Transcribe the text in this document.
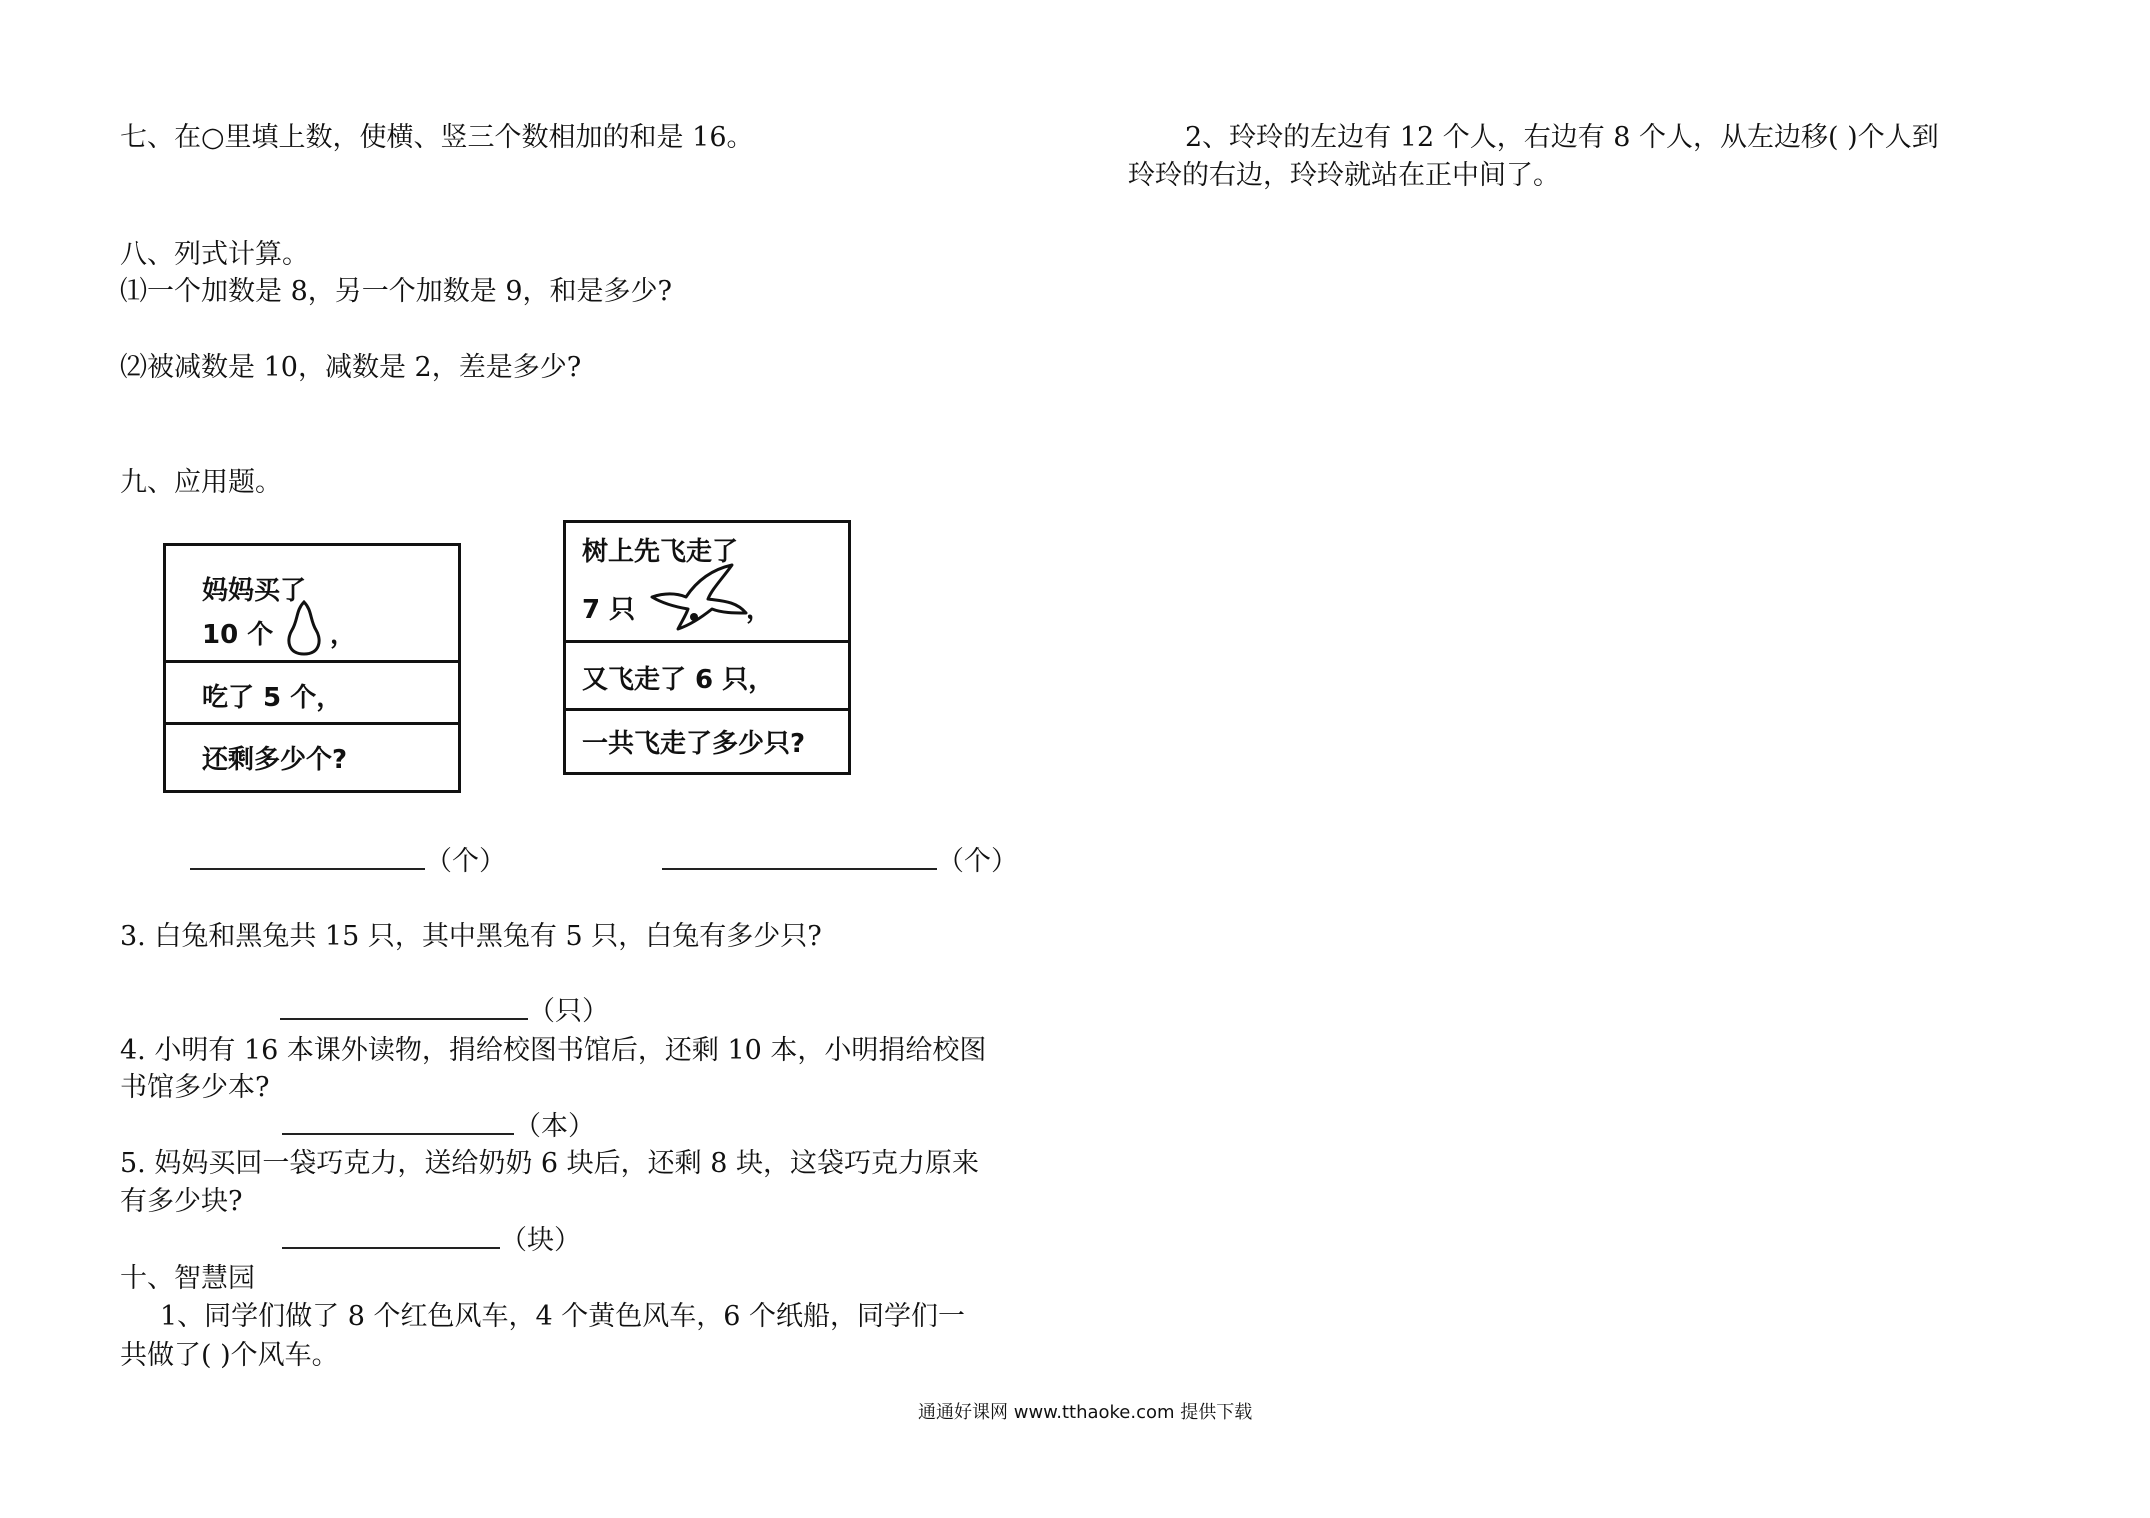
七、在○里填上数，使横、竖三个数相加的和是 16。
八、列式计算。
⑴一个加数是 8，另一个加数是 9，和是多少?
⑵被减数是 10，减数是 2，差是多少?
九、应用题。
妈妈买了
10 个 ，
吃了 5 个，
还剩多少个?
树上先飞走了
7 只	，
又飞走了 6 只，
一共飞走了多少只?
（个）	（个）
3. 白兔和黑兔共 15 只，其中黑兔有 5 只，白兔有多少只?
（只）
4. 小明有 16 本课外读物，捐给校图书馆后，还剩 10 本，小明捐给校图
书馆多少本?
（本）
5. 妈妈买回一袋巧克力，送给奶奶 6 块后，还剩 8 块，这袋巧克力原来
有多少块?
（块）
十、智慧园
1、同学们做了 8 个红色风车，4 个黄色风车，6 个纸船，同学们一
共做了( )个风车。
2、玲玲的左边有 12 个人，右边有 8 个人，从左边移( )个人到
玲玲的右边，玲玲就站在正中间了。
通通好课网 www.tthaoke.com 提供下载
